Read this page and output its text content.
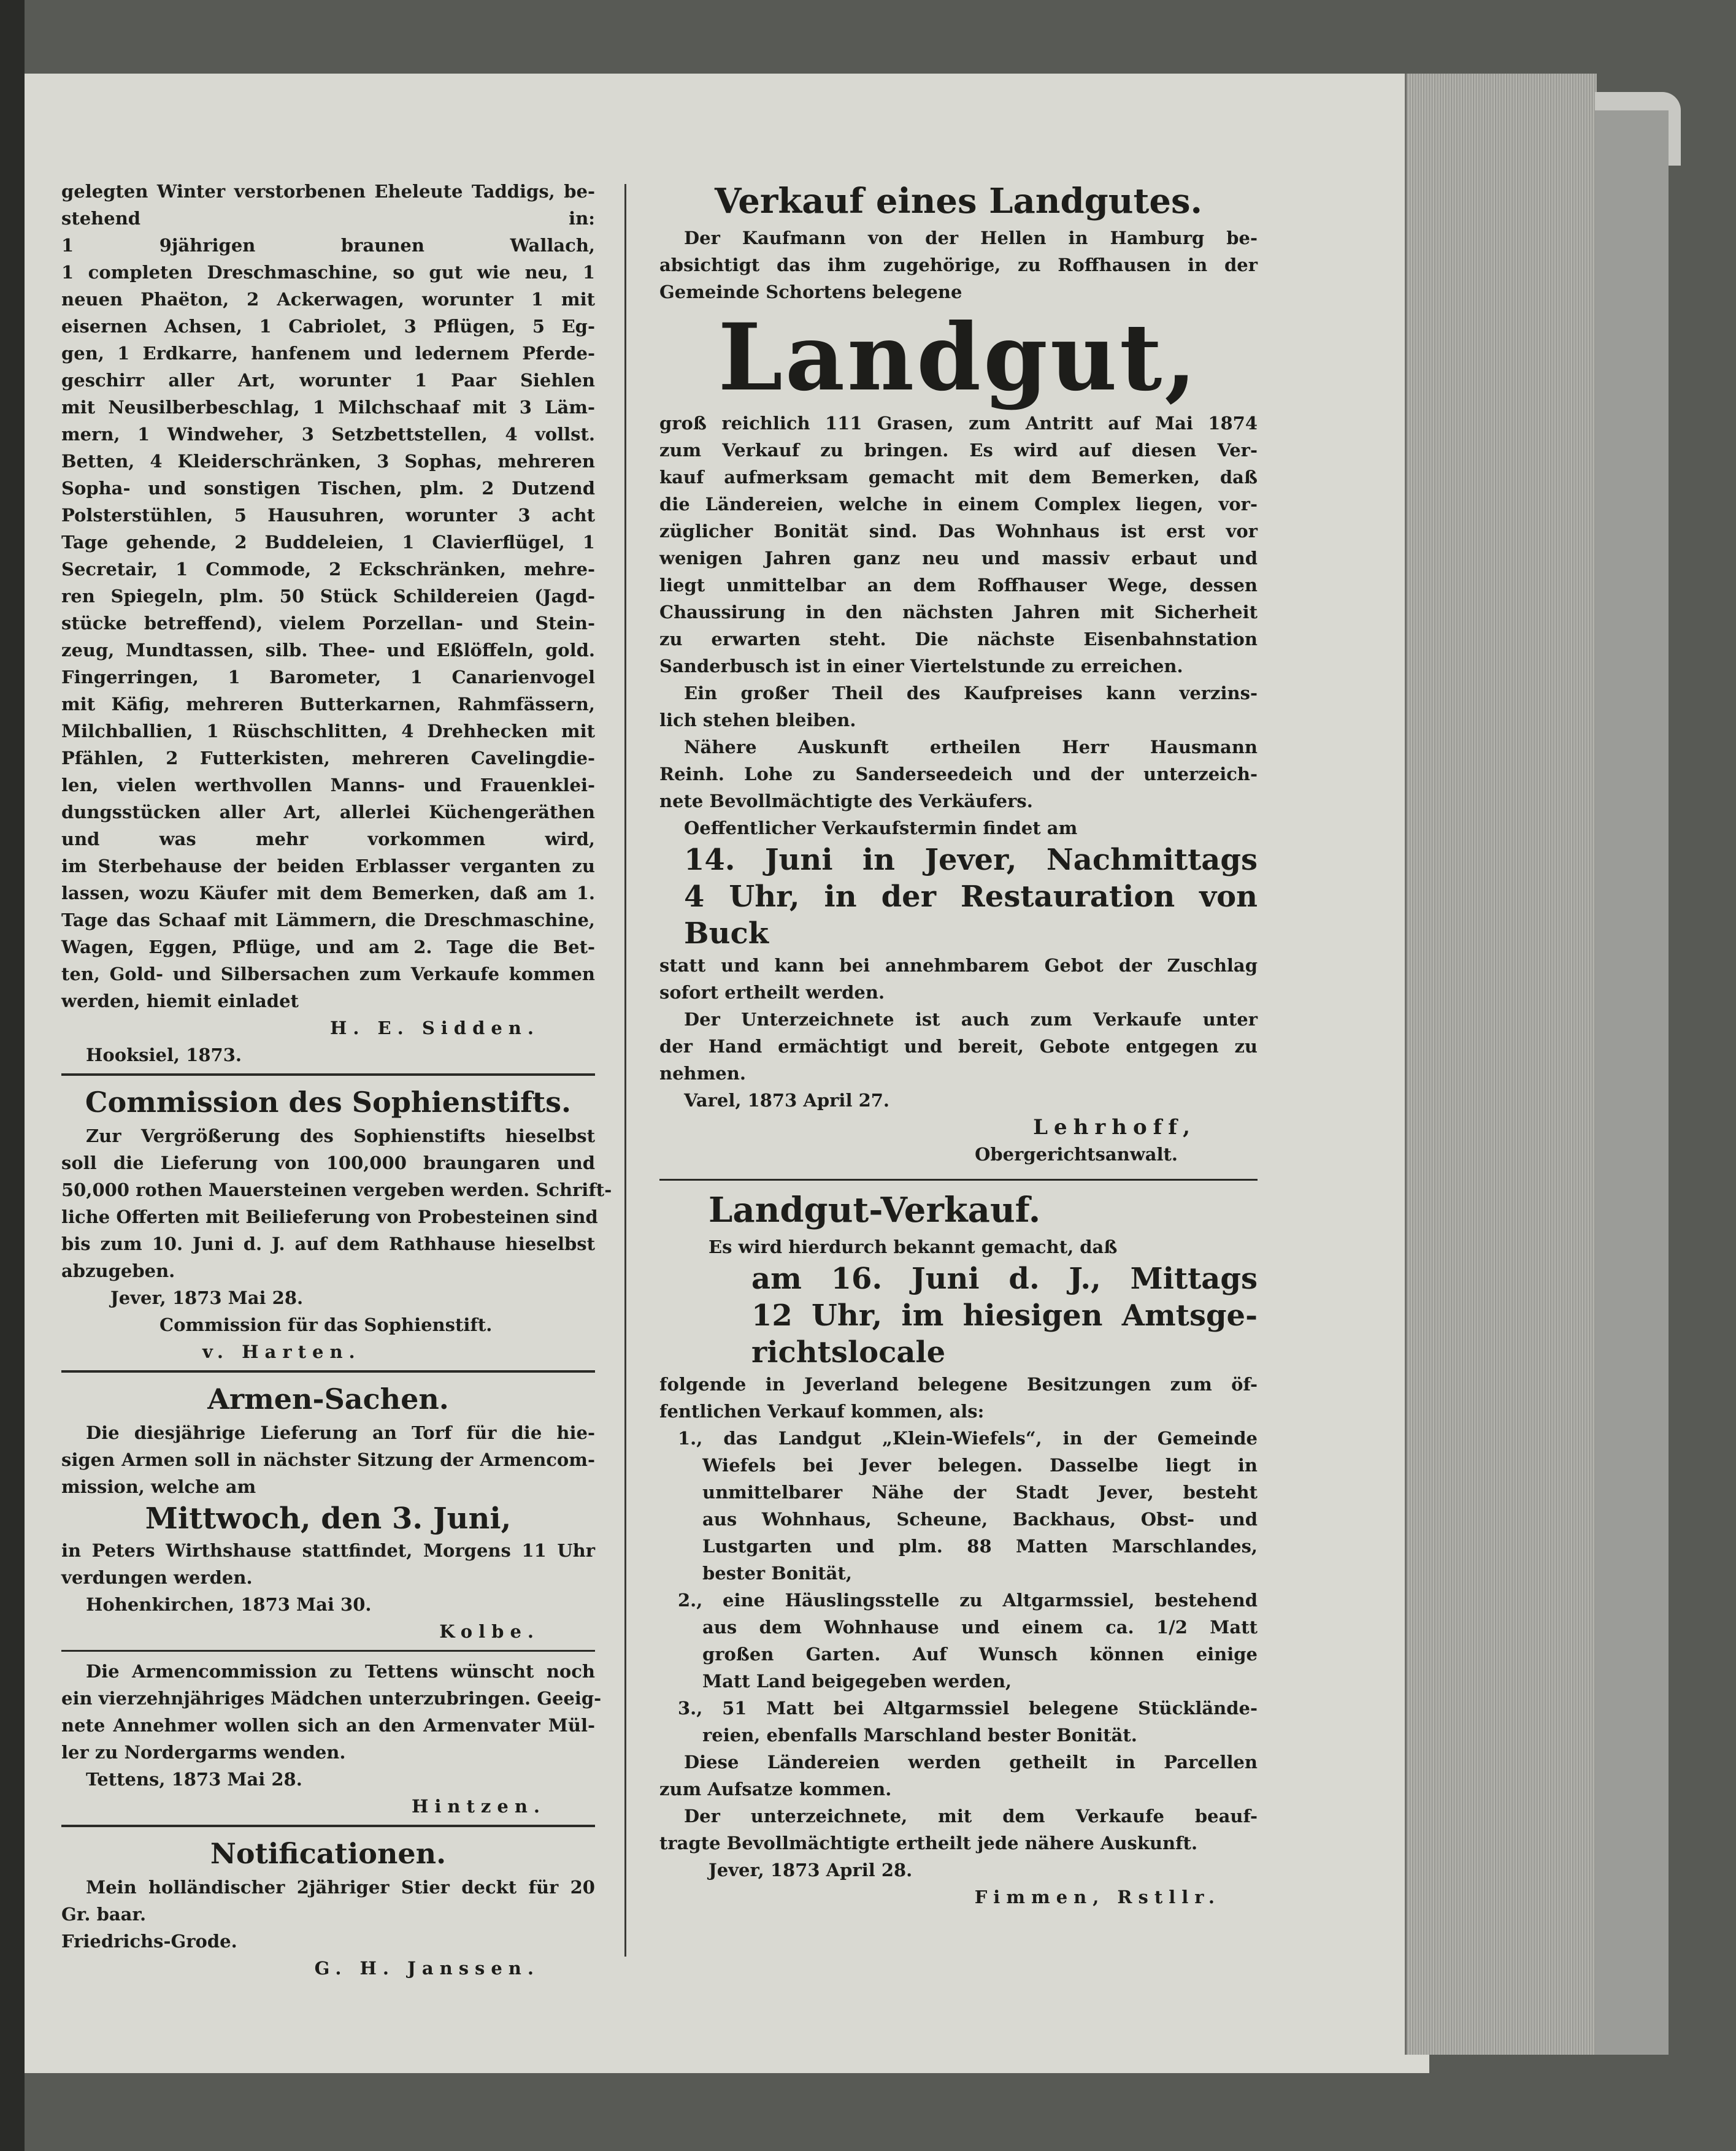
gelegten Winter verstorbenen Eheleute Taddigs, be-

stehend in:

1 9jährigen braunen Wallach,

1 completen Dreschmaschine, so gut wie neu, 1

neuen Phaëton, 2 Ackerwagen, worunter 1 mit

eisernen Achsen, 1 Cabriolet, 3 Pflügen, 5 Eg-

gen, 1 Erdkarre, hanfenem und ledernem Pferde-

geschirr aller Art, worunter 1 Paar Siehlen

mit Neusilberbeschlag, 1 Milchschaaf mit 3 Läm-

mern, 1 Windweher, 3 Setzbettstellen, 4 vollst.

Betten, 4 Kleiderschränken, 3 Sophas, mehreren

Sopha- und sonstigen Tischen, plm. 2 Dutzend

Polsterstühlen, 5 Hausuhren, worunter 3 acht

Tage gehende, 2 Buddeleien, 1 Clavierflügel, 1

Secretair, 1 Commode, 2 Eckschränken, mehre-

ren Spiegeln, plm. 50 Stück Schildereien (Jagd-

stücke betreffend), vielem Porzellan- und Stein-

zeug, Mundtassen, silb. Thee- und Eßlöffeln, gold.

Fingerringen, 1 Barometer, 1 Canarienvogel

mit Käfig, mehreren Butterkarnen, Rahmfässern,

Milchballien, 1 Rüschschlitten, 4 Drehhecken mit

Pfählen, 2 Futterkisten, mehreren Cavelingdie-

len, vielen werthvollen Manns- und Frauenklei-

dungsstücken aller Art, allerlei Küchengeräthen

und was mehr vorkommen wird,

im Sterbehause der beiden Erblasser verganten zu

lassen, wozu Käufer mit dem Bemerken, daß am 1.

Tage das Schaaf mit Lämmern, die Dreschmaschine,

Wagen, Eggen, Pflüge, und am 2. Tage die Bet-

ten, Gold- und Silbersachen zum Verkaufe kommen

werden, hiemit einladet

H. E. Sidden.

Hooksiel, 1873.

Commission des Sophienstifts.

Zur Vergrößerung des Sophienstifts hieselbst

soll die Lieferung von 100,000 braungaren und

50,000 rothen Mauersteinen vergeben werden. Schrift-

liche Offerten mit Beilieferung von Probesteinen sind

bis zum 10. Juni d. J. auf dem Rathhause hieselbst

abzugeben.

Jever, 1873 Mai 28.

Commission für das Sophienstift.

v. Harten.

Armen-Sachen.

Die diesjährige Lieferung an Torf für die hie-

sigen Armen soll in nächster Sitzung der Armencom-

mission, welche am

Mittwoch, den 3. Juni,

in Peters Wirthshause stattfindet, Morgens 11 Uhr

verdungen werden.

Hohenkirchen, 1873 Mai 30.

Kolbe.

Die Armencommission zu Tettens wünscht noch

ein vierzehnjähriges Mädchen unterzubringen. Geeig-

nete Annehmer wollen sich an den Armenvater Mül-

ler zu Nordergarms wenden.

Tettens, 1873 Mai 28.

Hintzen.

Notificationen.

Mein holländischer 2jähriger Stier deckt für 20

Gr. baar.

Friedrichs-Grode.

G. H. Janssen.

Verkauf eines Landgutes.

Der Kaufmann von der Hellen in Hamburg be-

absichtigt das ihm zugehörige, zu Roffhausen in der

Gemeinde Schortens belegene

Landgut,

groß reichlich 111 Grasen, zum Antritt auf Mai 1874

zum Verkauf zu bringen. Es wird auf diesen Ver-

kauf aufmerksam gemacht mit dem Bemerken, daß

die Ländereien, welche in einem Complex liegen, vor-

züglicher Bonität sind. Das Wohnhaus ist erst vor

wenigen Jahren ganz neu und massiv erbaut und

liegt unmittelbar an dem Roffhauser Wege, dessen

Chaussirung in den nächsten Jahren mit Sicherheit

zu erwarten steht. Die nächste Eisenbahnstation

Sanderbusch ist in einer Viertelstunde zu erreichen.

Ein großer Theil des Kaufpreises kann verzins-

lich stehen bleiben.

Nähere Auskunft ertheilen Herr Hausmann

Reinh. Lohe zu Sanderseedeich und der unterzeich-

nete Bevollmächtigte des Verkäufers.

Oeffentlicher Verkaufstermin findet am

14. Juni in Jever, Nachmittags

4 Uhr, in der Restauration von

Buck

statt und kann bei annehmbarem Gebot der Zuschlag

sofort ertheilt werden.

Der Unterzeichnete ist auch zum Verkaufe unter

der Hand ermächtigt und bereit, Gebote entgegen zu

nehmen.

Varel, 1873 April 27.

Lehrhoff,

Obergerichtsanwalt.

Landgut-Verkauf.

Es wird hierdurch bekannt gemacht, daß

am 16. Juni d. J., Mittags

12 Uhr, im hiesigen Amtsge-

richtslocale

folgende in Jeverland belegene Besitzungen zum öf-

fentlichen Verkauf kommen, als:

1., das Landgut „Klein-Wiefels“, in der Gemeinde

Wiefels bei Jever belegen. Dasselbe liegt in

unmittelbarer Nähe der Stadt Jever, besteht

aus Wohnhaus, Scheune, Backhaus, Obst- und

Lustgarten und plm. 88 Matten Marschlandes,

bester Bonität,

2., eine Häuslingsstelle zu Altgarmssiel, bestehend

aus dem Wohnhause und einem ca. 1/2 Matt

großen Garten. Auf Wunsch können einige

Matt Land beigegeben werden,

3., 51 Matt bei Altgarmssiel belegene Stücklände-

reien, ebenfalls Marschland bester Bonität.

Diese Ländereien werden getheilt in Parcellen

zum Aufsatze kommen.

Der unterzeichnete, mit dem Verkaufe beauf-

tragte Bevollmächtigte ertheilt jede nähere Auskunft.

Jever, 1873 April 28.

Fimmen, Rstllr.
